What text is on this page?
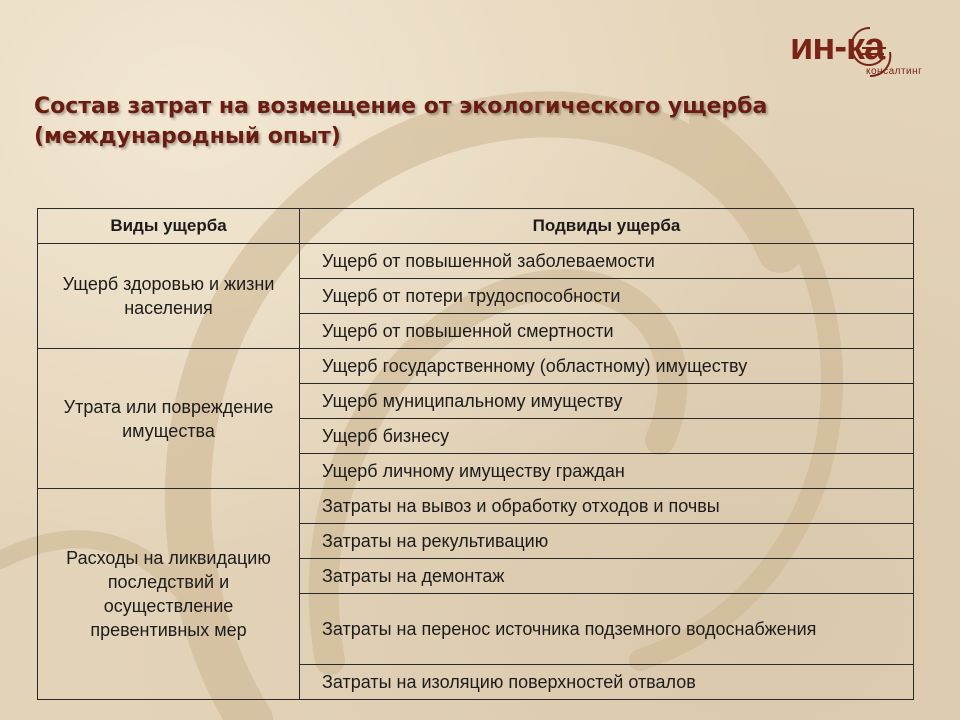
ин-ка
консалтинг
Состав затрат на возмещение от экологического ущерба
(международный опыт)
Виды ущерба	Подвиды ущерба
Ущерб здоровью и жизни населения	Ущерб от повышенной заболеваемости
	Ущерб от потери трудоспособности
	Ущерб от повышенной смертности
Утрата или повреждение имущества	Ущерб государственному (областному) имуществу
	Ущерб муниципальному имуществу
	Ущерб бизнесу
	Ущерб личному имуществу граждан
Расходы на ликвидацию последствий и осуществление превентивных мер	Затраты на вывоз и обработку отходов и почвы
	Затраты на рекультивацию
	Затраты на демонтаж
	Затраты на перенос источника подземного водоснабжения
	Затраты на изоляцию поверхностей отвалов
